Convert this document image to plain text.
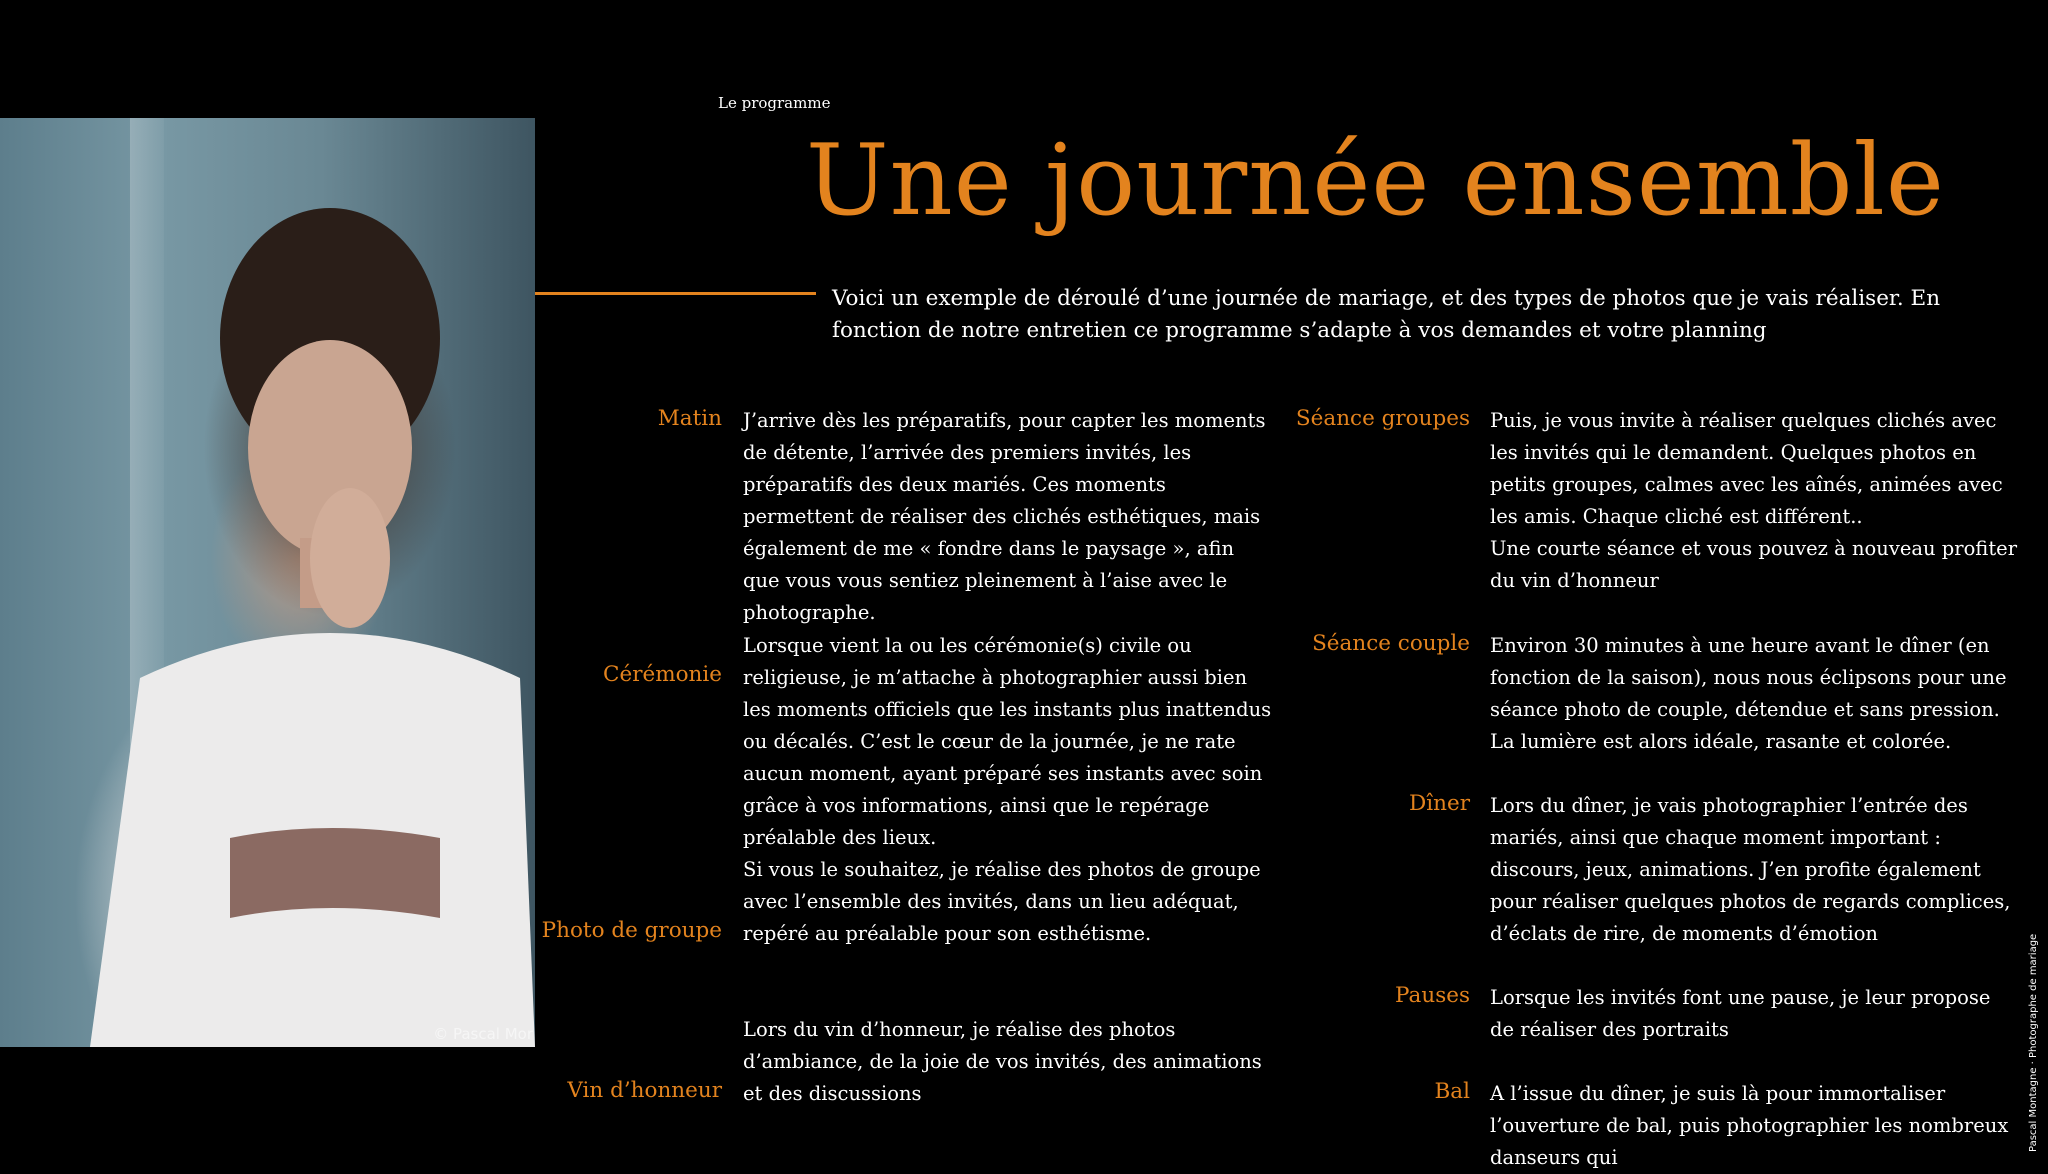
© Pascal Mor
Le programme
Une journée ensemble
Voici un exemple de déroulé d’une journée de mariage, et des types de photos que je vais réaliser. En fonction de notre entretien ce programme s’adapte à vos demandes et votre planning
Matin J’arrive dès les préparatifs, pour capter les moments de détente, l’arrivée des premiers invités, les préparatifs des deux mariés. Ces moments permettent de réaliser des clichés esthétiques, mais également de me « fondre dans le paysage », afin que vous vous sentiez pleinement à l’aise avec le photographe.
Cérémonie
Lorsque vient la ou les cérémonie(s) civile ou religieuse, je m’attache à photographier aussi bien les moments officiels que les instants plus inattendus ou décalés. C’est le cœur de la journée, je ne rate aucun moment, ayant préparé ses instants avec soin grâce à vos informations, ainsi que le repérage préalable des lieux.
Photo de groupe
Si vous le souhaitez, je réalise des photos de groupe avec l’ensemble des invités, dans un lieu adéquat, repéré au préalable pour son esthétisme.
Vin d’honneur
Lors du vin d’honneur, je réalise des photos d’ambiance, de la joie de vos invités, des animations et des discussions
Séance groupes Puis, je vous invite à réaliser quelques clichés avec les invités qui le demandent. Quelques photos en petits groupes, calmes avec les aînés, animées avec les amis. Chaque cliché est différent..
Une courte séance et vous pouvez à nouveau profiter du vin d’honneur
Séance couple Environ 30 minutes à une heure avant le dîner (en fonction de la saison), nous nous éclipsons pour une séance photo de couple, détendue et sans pression. La lumière est alors idéale, rasante et colorée.
Dîner Lors du dîner, je vais photographier l’entrée des mariés, ainsi que chaque moment important : discours, jeux, animations. J’en profite également pour réaliser quelques photos de regards complices, d’éclats de rire, de moments d’émotion
Pauses Lorsque les invités font une pause, je leur propose de réaliser des portraits
Bal A l’issue du dîner, je suis là pour immortaliser l’ouverture de bal, puis photographier les nombreux danseurs qui
Pascal Montagne · Photographe de mariage
